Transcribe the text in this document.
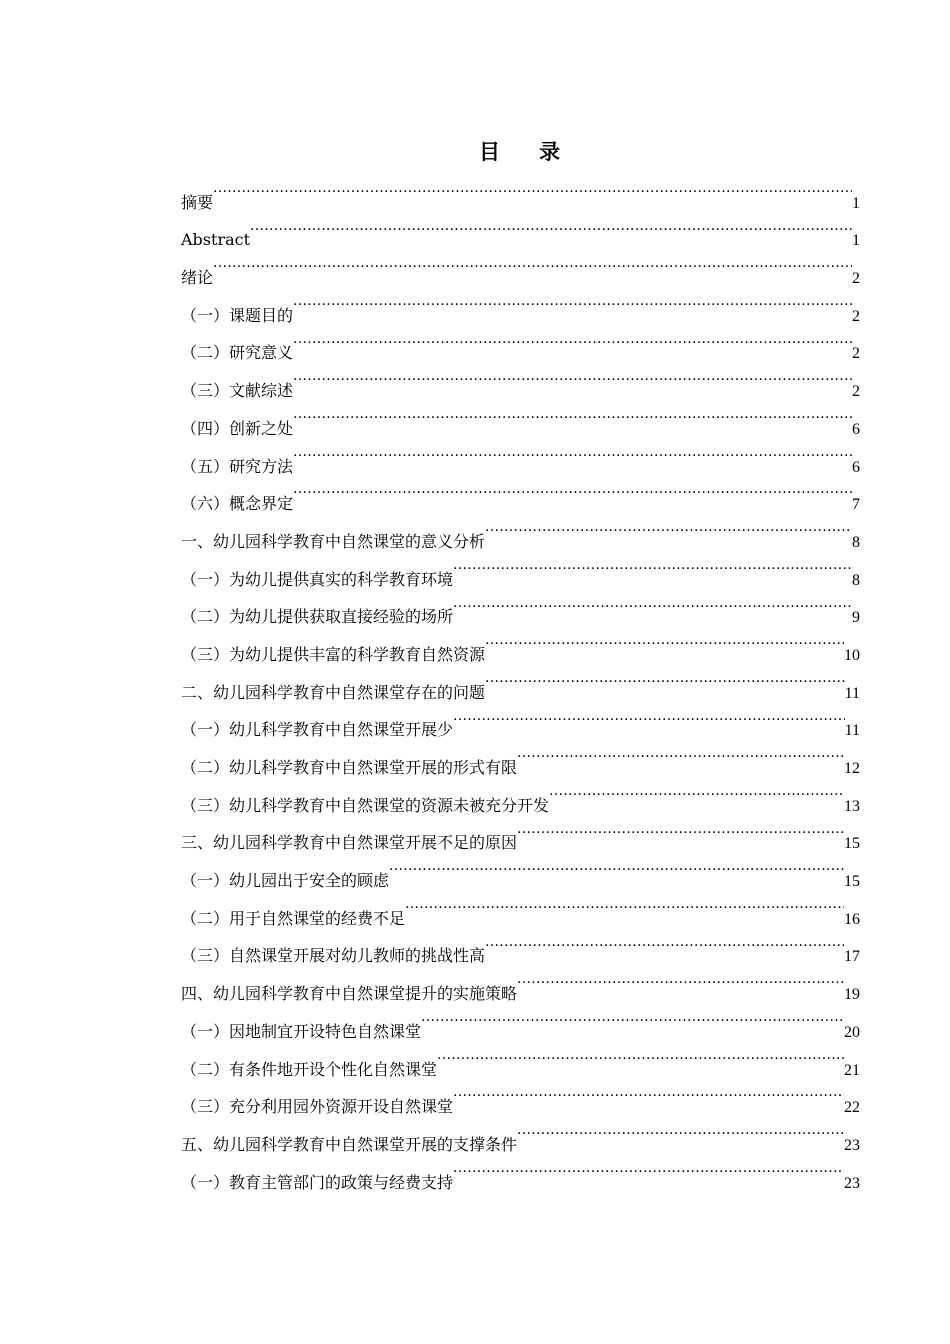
目 录
摘要 .....	1
Abstract .....	1
绪论 .....	2
（一）课题目的 .....	2
（二）研究意义 .....	2
（三）文献综述 .....	2
（四）创新之处 .....	6
（五）研究方法 .....	6
（六）概念界定 .....	7
一、幼儿园科学教育中自然课堂的意义分析 .....	8
（一）为幼儿提供真实的科学教育环境 .....	8
（二）为幼儿提供获取直接经验的场所 .....	9
（三）为幼儿提供丰富的科学教育自然资源 .....	10
二、幼儿园科学教育中自然课堂存在的问题 .....	11
（一）幼儿科学教育中自然课堂开展少 .....	11
（二）幼儿科学教育中自然课堂开展的形式有限 .....	12
（三）幼儿科学教育中自然课堂的资源未被充分开发 .....	13
三、幼儿园科学教育中自然课堂开展不足的原因 .....	15
（一）幼儿园出于安全的顾虑 .....	15
（二）用于自然课堂的经费不足 .....	16
（三）自然课堂开展对幼儿教师的挑战性高 .....	17
四、幼儿园科学教育中自然课堂提升的实施策略 .....	19
（一）因地制宜开设特色自然课堂 .....	20
（二）有条件地开设个性化自然课堂 .....	21
（三）充分利用园外资源开设自然课堂 .....	22
五、幼儿园科学教育中自然课堂开展的支撑条件 .....	23
（一）教育主管部门的政策与经费支持 .....	23
